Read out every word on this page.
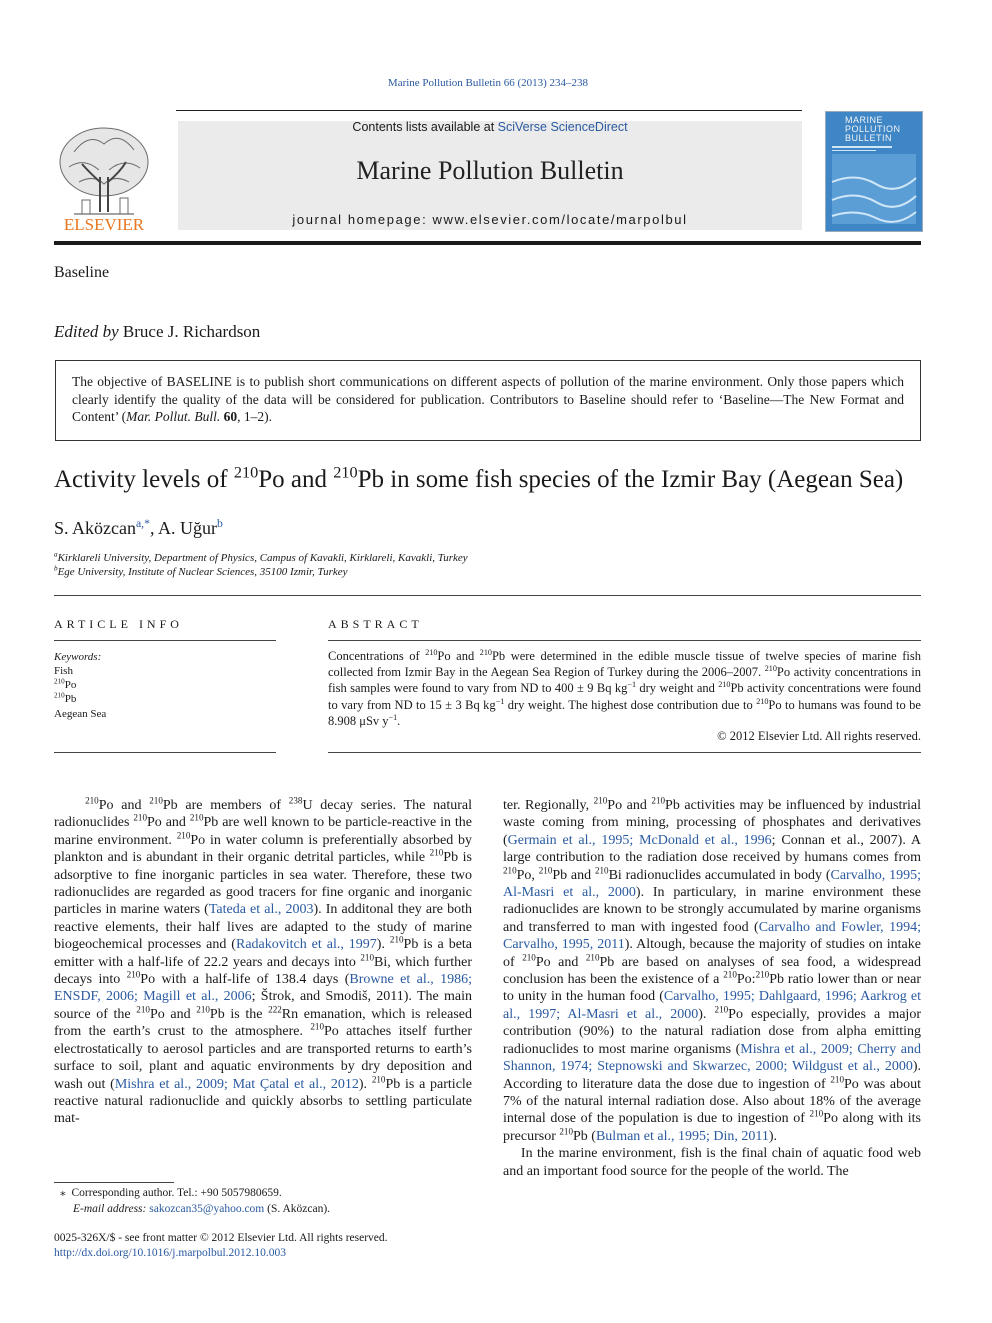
Marine Pollution Bulletin 66 (2013) 234–238
ELSEVIER
Contents lists available at SciVerse ScienceDirect
Marine Pollution Bulletin
journal homepage: www.elsevier.com/locate/marpolbul
MARINE POLLUTION BULLETIN
Baseline
Edited by Bruce J. Richardson
The objective of BASELINE is to publish short communications on different aspects of pollution of the marine environment. Only those papers which clearly identify the quality of the data will be considered for publication. Contributors to Baseline should refer to ‘Baseline—The New Format and Content’ (Mar. Pollut. Bull. 60, 1–2).
Activity levels of $^{210}$Po and $^{210}$Pb in some fish species of the Izmir Bay (Aegean Sea)
S. Aközcan$^{a,*}$, A. Uğur$^b$
$^a$Kirklareli University, Department of Physics, Campus of Kavakli, Kirklareli, Kavakli, Turkey
$^b$Ege University, Institute of Nuclear Sciences, 35100 Izmir, Turkey
ARTICLE INFO
Keywords:
Fish
$^{210}$Po
$^{210}$Pb
Aegean Sea
ABSTRACT
Concentrations of $^{210}$Po and $^{210}$Pb were determined in the edible muscle tissue of twelve species of marine fish collected from Izmir Bay in the Aegean Sea Region of Turkey during the 2006–2007. $^{210}$Po activity concentrations in fish samples were found to vary from ND to 400 ± 9 Bq $kg^{-1}$ dry weight and $^{210}$Pb activity concentrations were found to vary from ND to 15 ± 3 Bq $kg^{-1}$ dry weight. The highest dose contribution due to $^{210}$Po to humans was found to be 8.908 μSv $y^{-1}$.
© 2012 Elsevier Ltd. All rights reserved.

$^{210}$Po and $^{210}$Pb are members of $^{238}$U decay series. The natural radionuclides $^{210}$Po and $^{210}$Pb are well known to be particle-reactive in the marine environment. $^{210}$Po in water column is preferentially absorbed by plankton and is abundant in their organic detrital particles, while $^{210}$Pb is adsorptive to fine inorganic particles in sea water. Therefore, these two radionuclides are regarded as good tracers for fine organic and inorganic particles in marine waters (Tateda et al., 2003). In additonal they are both reactive elements, their half lives are adapted to the study of marine biogeochemical processes and (Radakovitch et al., 1997). $^{210}$Pb is a beta emitter with a half-life of 22.2 years and decays into $^{210}$Bi, which further decays into $^{210}$Po with a half-life of 138.4 days (Browne et al., 1986; ENSDF, 2006; Magill et al., 2006; Štrok, and Smodiš, 2011). The main source of the $^{210}$Po and $^{210}$Pb is the $^{222}$Rn emanation, which is released from the earth’s crust to the atmosphere. $^{210}$Po attaches itself further electrostatically to aerosol particles and are transported returns to earth’s surface to soil, plant and aquatic environments by dry deposition and wash out (Mishra et al., 2009; Mat Çatal et al., 2012). $^{210}$Pb is a particle reactive natural radionuclide and quickly absorbs to settling particulate mat-

ter. Regionally, $^{210}$Po and $^{210}$Pb activities may be influenced by industrial waste coming from mining, processing of phosphates and derivatives (Germain et al., 1995; McDonald et al., 1996; Connan et al., 2007). A large contribution to the radiation dose received by humans comes from $^{210}$Po, $^{210}$Pb and $^{210}$Bi radionuclides accumulated in body (Carvalho, 1995; Al-Masri et al., 2000). In particulary, in marine environment these radionuclides are known to be strongly accumulated by marine organisms and transferred to man with ingested food (Carvalho and Fowler, 1994; Carvalho, 1995, 2011). Altough, because the majority of studies on intake of $^{210}$Po and $^{210}$Pb are based on analyses of sea food, a widespread conclusion has been the existence of a $^{210}$Po:$^{210}$Pb ratio lower than or near to unity in the human food (Carvalho, 1995; Dahlgaard, 1996; Aarkrog et al., 1997; Al-Masri et al., 2000). $^{210}$Po especially, provides a major contribution (90%) to the natural radiation dose from alpha emitting radionuclides to most marine organisms (Mishra et al., 2009; Cherry and Shannon, 1974; Stepnowski and Skwarzec, 2000; Wildgust et al., 2000). According to literature data the dose due to ingestion of $^{210}$Po was about 7% of the natural internal radiation dose. Also about 18% of the average internal dose of the population is due to ingestion of $^{210}$Po along with its precursor $^{210}$Pb (Bulman et al., 1995; Din, 2011).

In the marine environment, fish is the final chain of aquatic food web and an important food source for the people of the world. The

⁎ Corresponding author. Tel.: +90 5057980659.
E-mail address: sakozcan35@yahoo.com (S. Aközcan).
0025-326X/$ - see front matter © 2012 Elsevier Ltd. All rights reserved.
http://dx.doi.org/10.1016/j.marpolbul.2012.10.003
